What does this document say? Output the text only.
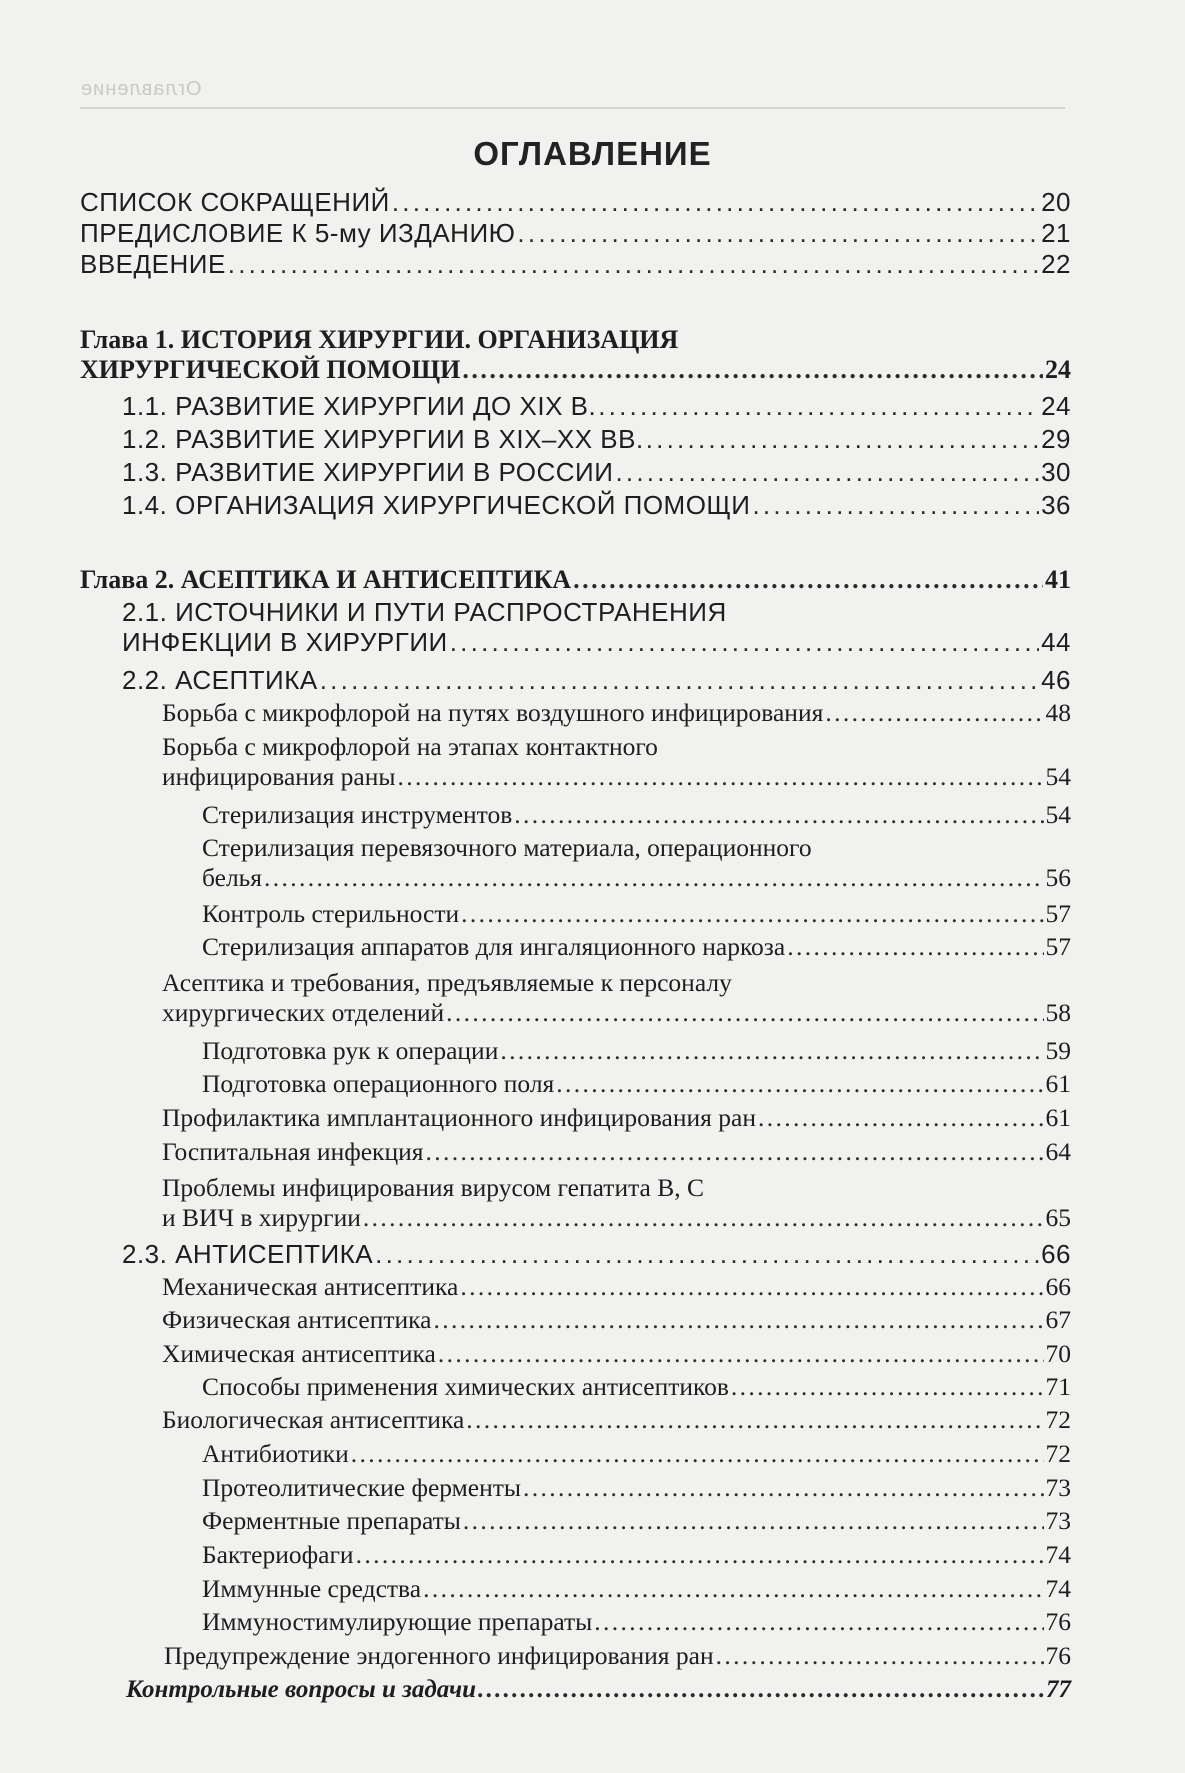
Оглавление
ОГЛАВЛЕНИЕ
СПИСОК СОКРАЩЕНИЙ . . .	20
ПРЕДИСЛОВИЕ К 5-му ИЗДАНИЮ . . .	21
ВВЕДЕНИЕ . . .	22
Глава 1. ИСТОРИЯ ХИРУРГИИ. ОРГАНИЗАЦИЯ
ХИРУРГИЧЕСКОЙ ПОМОЩИ . . .	24
1.1. РАЗВИТИЕ ХИРУРГИИ ДО XIX В. . . .	24
1.2. РАЗВИТИЕ ХИРУРГИИ В XIX–XX ВВ. . . .	29
1.3. РАЗВИТИЕ ХИРУРГИИ В РОССИИ . . .	30
1.4. ОРГАНИЗАЦИЯ ХИРУРГИЧЕСКОЙ ПОМОЩИ . . .	36
Глава 2. АСЕПТИКА И АНТИСЕПТИКА . . .	41
2.1. ИСТОЧНИКИ И ПУТИ РАСПРОСТРАНЕНИЯ
ИНФЕКЦИИ В ХИРУРГИИ . . .	44
2.2. АСЕПТИКА . . .	46
Борьба с микрофлорой на путях воздушного инфицирования . . .	48
Борьба с микрофлорой на этапах контактного
инфицирования раны . . .	54
Стерилизация инструментов . . .	54
Стерилизация перевязочного материала, операционного
белья . . .	56
Контроль стерильности . . .	57
Стерилизация аппаратов для ингаляционного наркоза . . .	57
Асептика и требования, предъявляемые к персоналу
хирургических отделений . . .	58
Подготовка рук к операции . . .	59
Подготовка операционного поля . . .	61
Профилактика имплантационного инфицирования ран . . .	61
Госпитальная инфекция . . .	64
Проблемы инфицирования вирусом гепатита В, С
и ВИЧ в хирургии . . .	65
2.3. АНТИСЕПТИКА . . .	66
Механическая антисептика . . .	66
Физическая антисептика . . .	67
Химическая антисептика . . .	70
Способы применения химических антисептиков . . .	71
Биологическая антисептика . . .	72
Антибиотики . . .	72
Протеолитические ферменты . . .	73
Ферментные препараты . . .	73
Бактериофаги . . .	74
Иммунные средства . . .	74
Иммуностимулирующие препараты . . .	76
Предупреждение эндогенного инфицирования ран . . .	76
Контрольные вопросы и задачи . . .	77
